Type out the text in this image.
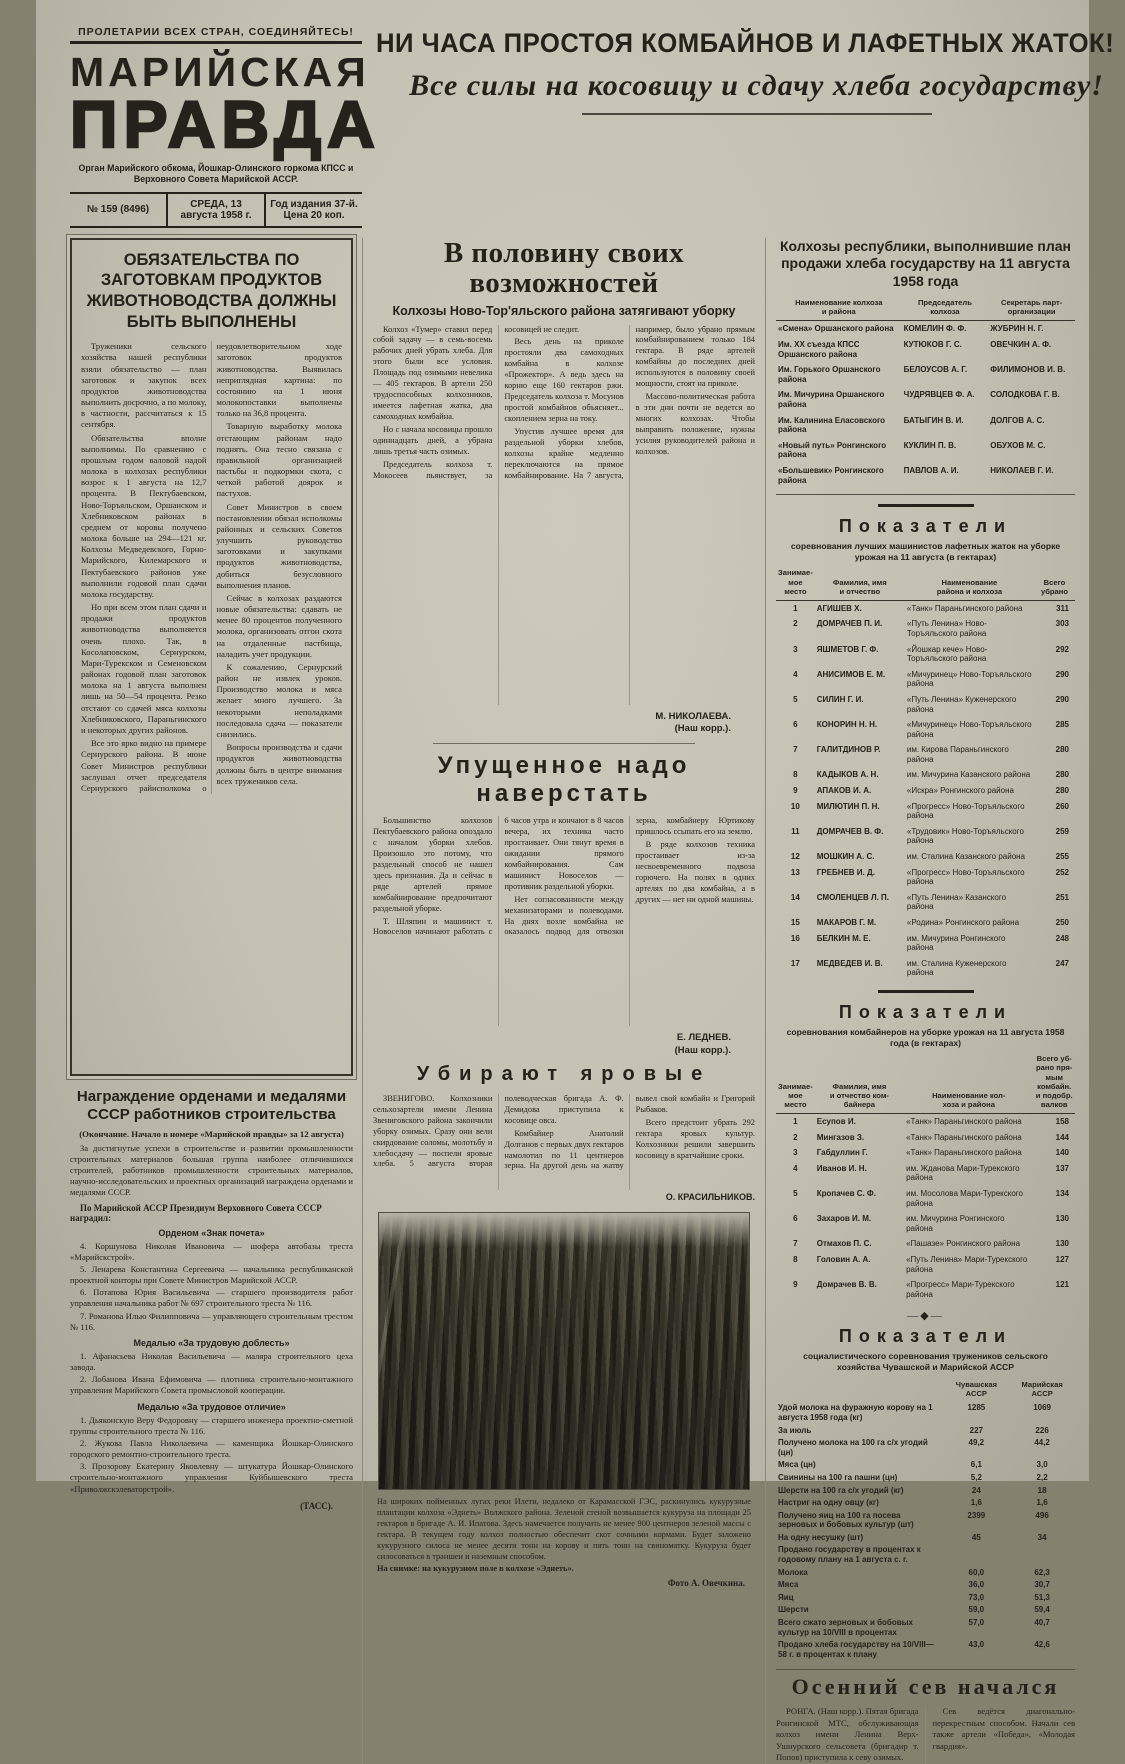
ПРОЛЕТАРИИ ВСЕХ СТРАН, СОЕДИНЯЙТЕСЬ!
МАРИЙСКАЯ
ПРАВДА
Орган Марийского обкома, Йошкар-Олинского горкома КПСС и Верховного Совета Марийской АССР.
№ 159 (8496)	СРЕДА, 13 августа 1958 г.
Год издания 37-й.
Цена 20 коп.
НИ ЧАСА ПРОСТОЯ КОМБАЙНОВ И ЛАФЕТНЫХ ЖАТОК!
Все силы на косовицу и сдачу хлеба государству!
ОБЯЗАТЕЛЬСТВА ПО ЗАГОТОВКАМ ПРОДУКТОВ ЖИВОТНОВОДСТВА ДОЛЖНЫ БЫТЬ ВЫПОЛНЕНЫ

Труженики сельского хозяйства нашей республики взяли обязательство — план заготовок и закупок всех продуктов животноводства выполнить досрочно, а по молоку, в частности, рассчитаться к 15 сентября.

Обязательства вполне выполнимы. По сравнению с прошлым годом валовой надой молока в колхозах республики возрос к 1 августа на 12,7 процента. В Пектубаевском, Ново-Торъяльском, Оршанском и Хлебниковском районах в среднем от коровы получено молока больше на 294—121 кг. Колхозы Медведевского, Горно-Марийского, Килемарского и Пектубаевского районов уже выполнили годовой план сдачи молока государству.

Но при всем этом план сдачи и продажи продуктов животноводства выполняется очень плохо. Так, в Косолаповском, Сернурском, Мари-Турекском и Семеновском районах годовой план заготовок молока на 1 августа выполнен лишь на 50—54 процента. Резко отстают со сдачей мяса колхозы Хлебниковского, Параньгинского и некоторых других районов.

Все это ярко видно на примере Сернурского района. В июне Совет Министров республики заслушал отчет председателя Сернурского райисполкома о неудовлетворительном ходе заготовок продуктов животноводства. Выявилась неприглядная картина: по состоянию на 1 июня молокопоставки выполнены только на 36,8 процента.

Товарную выработку молока отстающим районам надо поднять. Она тесно связана с правильной организацией пастьбы и подкормки скота, с четкой работой доярок и пастухов.

Совет Министров в своем постановлении обязал исполкомы районных и сельских Советов улучшить руководство заготовками и закупками продуктов животноводства, добиться безусловного выполнения планов.

Сейчас в колхозах раздаются новые обязательства: сдавать не менее 80 процентов полученного молока, организовать отгон скота на отдаленные пастбища, наладить учет продукции.

К сожалению, Сернурский район не извлек уроков. Производство молока и мяса желает много лучшего. За некоторыми неполадками последовала сдача — показатели снизились.

Вопросы производства и сдачи продуктов животноводства должны быть в центре внимания всех тружеников села.

Награждение орденами и медалями СССР работников строительства
(Окончание. Начало в номере «Марийской правды» за 12 августа)

За достигнутые успехи в строительстве и развитии промышленности строительных материалов большая группа наиболее отличившихся строителей, работников промышленности строительных материалов, научно-исследовательских и проектных организаций награждена орденами и медалями СССР.

По Марийской АССР Президиум Верховного Совета СССР наградил:

Орденом «Знак почета»

4. Коршунова Николая Ивановича — шофера автобазы треста «Марийскстрой».

5. Ленарева Константина Сергеевича — начальника республиканской проектной конторы при Совете Министров Марийской АССР.

6. Потапова Юрия Васильевича — старшего производителя работ управления начальника работ № 697 строительного треста № 116.

7. Романова Илью Филипповича — управляющего строительным трестом № 116.

Медалью «За трудовую доблесть»

1. Афанасьева Николая Васильевича — маляра строительного цеха завода.

2. Лобанова Ивана Ефимовича — плотника строительно-монтажного управления Марийского Совета промысловой кооперации.

Медалью «За трудовое отличие»

1. Дьяконскую Веру Федоровну — старшего инженера проектно-сметной группы строительного треста № 116.

2. Жукова Павла Николаевича — каменщика Йошкар-Олинского городского ремонтно-строительного треста.

3. Прозорову Екатерину Яковлевну — штукатура Йошкар-Олинского строительно-монтажного управления Куйбышевского треста «Приволжскэлеваторстрой».

(ТАСС).
В половину своих возможностей
Колхозы Ново-Тор'яльского района затягивают уборку

Колхоз «Тумер» ставил перед собой задачу — в семь-восемь рабочих дней убрать хлеба. Для этого были все условия. Площадь под озимыми невелика — 405 гектаров. В артели 250 трудоспособных колхозников, имеется лафетная жатка, два самоходных комбайна.

Но с начала косовицы прошло одиннадцать дней, а убрана лишь третья часть озимых.

Председатель колхоза т. Мокосеев пьянствует, за косовицей не следит.

Весь день на приколе простояли два самоходных комбайна в колхозе «Прожектор». А ведь здесь на корню еще 160 гектаров ржи. Председатель колхоза т. Мосунов простой комбайнов объясняет... скоплением зерна на току.

Упустив лучшее время для раздельной уборки хлебов, колхозы крайне медленно переключаются на прямое комбайнирование. На 7 августа, например, было убрано прямым комбайнированием только 184 гектара. В ряде артелей комбайны до последних дней используются в половину своей мощности, стоят на приколе.

Массово-политическая работа в эти дни почти не ведется во многих колхозах. Чтобы выправить положение, нужны усилия руководителей района и колхозов.

М. НИКОЛАЕВА.
(Наш корр.).
Упущенное надо наверстать

Большинство колхозов Пектубаевского района опоздало с началом уборки хлебов. Произошло это потому, что раздельный способ не нашел здесь признания. Да и сейчас в ряде артелей прямое комбайнирование предпочитают раздельной уборке.

Т. Шляпин и машинист т. Новоселов начинают работать с 6 часов утра и кончают в 8 часов вечера, их техника часто простаивает. Они тянут время в ожидании прямого комбайнирования. Сам машинист Новоселов — противник раздельной уборки.

Нет согласованности между механизаторами и полеводами. На днях возле комбайна не оказалось подвод для отвозки зерна, комбайнеру Юртикову пришлось ссыпать его на землю.

В ряде колхозов техника простаивает из-за несвоевременного подвоза горючего. На полях в одних артелях по два комбайна, а в других — нет ни одной машины.

Е. ЛЕДНЕВ.
(Наш корр.).
Убирают яровые

ЗВЕНИГОВО. Колхозники сельхозартели имени Ленина Звениговского района закончили уборку озимых. Сразу они вели скирдование соломы, молотьбу и хлебосдачу — поспели яровые хлеба. 5 августа вторая полеводческая бригада А. Ф. Демидова приступила к косовице овса.

Комбайнер Анатолий Долганов с первых двух гектаров намолотил по 11 центнеров зерна. На другой день на жатву вывел свой комбайн и Григорий Рыбаков.

Всего предстоит убрать 292 гектара яровых культур. Колхозники решили завершить косовицу в кратчайшие сроки.

О. КРАСИЛЬНИКОВ.

На широких пойменных лугах реки Илети, недалеко от Карамасской ГЭС, раскинулись кукурузные плантации колхоза «Эднеть» Волжского района. Зеленой стеной возвышается кукуруза на площади 25 гектаров в бригаде А. И. Ипатова. Здесь намечается получить не менее 900 центнеров зеленой массы с гектара. В текущем году колхоз полностью обеспечит скот сочными кормами. Будет заложено кукурузного силоса не менее десяти тонн на корову и пять тонн на свиноматку. Кукуруза будет силосоваться в траншеи и наземным способом.

На снимке: на кукурузном поле в колхозе «Эднеть».

Фото А. Овечкина.
Колхозы республики, выполнившие план продажи хлеба государству на 11 августа 1958 года
Наименование колхоза
и района	Председатель
колхоза	Секретарь парт-
организации
«Смена» Оршанского района	КОМЕЛИН Ф. Ф.	ЖУБРИН Н. Г.
Им. XX съезда КПСС Оршанского района	КУТЮКОВ Г. С.	ОВЕЧКИН А. Ф.
Им. Горького Оршанского района	БЕЛОУСОВ А. Г.	ФИЛИМОНОВ И. В.
Им. Мичурина Оршанского района	ЧУДРЯВЦЕВ Ф. А.	СОЛОДКОВА Г. В.
Им. Калинина Еласовского района	БАТЫГИН В. И.	ДОЛГОВ А. С.
«Новый путь» Ронгинского района	КУКЛИН П. В.	ОБУХОВ М. С.
«Большевик» Ронгинского района	ПАВЛОВ А. И.	НИКОЛАЕВ Г. И.
Показатели
соревнования лучших машинистов лафетных жаток на уборке урожая на 11 августа (в гектарах)
Занимае-
мое место	Фамилия, имя
и отчество	Наименование
района и колхоза	Всего
убрано
1	АГИШЕВ Х.	«Танк» Параньгинского района	311
2	ДОМРАЧЕВ П. И.	«Путь Ленина» Ново-Торъяльского района	303
3	ЯШМЕТОВ Г. Ф.	«Йошкар кече» Ново-Торъяльского района	292
4	АНИСИМОВ Е. М.	«Мичуринец» Ново-Торъяльского района	290
5	СИЛИН Г. И.	«Путь Ленина» Куженерского района	290
6	КОНОРИН Н. Н.	«Мичуринец» Ново-Торъяльского района	285
7	ГАЛИТДИНОВ Р.	им. Кирова Параньгинского района	280
8	КАДЫКОВ А. Н.	им. Мичурина Казанского района	280
9	АПАКОВ И. А.	«Искра» Ронгинского района	280
10	МИЛЮТИН П. Н.	«Прогресс» Ново-Торъяльского района	260
11	ДОМРАЧЕВ В. Ф.	«Трудовик» Ново-Торъяльского района	259
12	МОШКИН А. С.	им. Сталина Казанского района	255
13	ГРЕБНЕВ И. Д.	«Прогресс» Ново-Торъяльского района	252
14	СМОЛЕНЦЕВ Л. П.	«Путь Ленина» Казанского района	251
15	МАКАРОВ Г. М.	«Родина» Ронгинского района	250
16	БЕЛКИН М. Е.	им. Мичурина Ронгинского района	248
17	МЕДВЕДЕВ И. В.	им. Сталина Куженерского района	247
Показатели
соревнования комбайнеров на уборке урожая на 11 августа 1958 года (в гектарах)
Занимае-
мое место	Фамилия, имя
и отчество ком-
байнера	Наименование кол-
хоза и района	Всего уб-
рано пря-
мым комбайн.
и подобр.
валков
1	Есупов И.	«Танк» Параньгинского района	158
2	Мингазов З.	«Танк» Параньгинского района	144
3	Габдуллин Г.	«Танк» Параньгинского района	140
4	Иванов И. Н.	им. Жданова Мари-Турекского района	137
5	Кропачев С. Ф.	им. Мосолова Мари-Турекского района	134
6	Захаров И. М.	им. Мичурина Ронгинского района	130
7	Отмахов П. С.	«Пашазе» Ронгинского района	130
8	Головин А. А.	«Путь Ленина» Мари-Турекского района	127
9	Домрачев В. В.	«Прогресс» Мари-Турекского района	121
—◆—
Показатели
социалистического соревнования тружеников сельского хозяйства Чувашской и Марийской АССР
	Чувашская
АССР	Марийская
АССР
Удой молока на фуражную корову на 1 августа 1958 года (кг)	1285	1069
За июль	227	226
Получено молока на 100 га с/х угодий (цн)	49,2	44,2
Мяса (цн)	6,1	3,0
Свинины на 100 га пашни (цн)	5,2	2,2
Шерсти на 100 га с/х угодий (кг)	24	18
Настриг на одну овцу (кг)	1,6	1,6
Получено яиц на 100 га посева зерновых и бобовых культур (шт)	2399	496
На одну несушку (шт)	45	34
Продано государству в процентах к годовому плану на 1 августа с. г.		
Молока	60,0	62,3
Мяса	36,0	30,7
Яиц	73,0	51,3
Шерсти	59,0	59,4
Всего сжато зерновых и бобовых культур на 10/VIII в процентах	57,0	40,7
Продано хлеба государству на 10/VIII—58 г. в процентах к плану	43,0	42,6
Осенний сев начался

РОНГА. (Наш корр.). Пятая бригада Ронгинской МТС, обслуживающая колхоз имени Ленина Верх-Ушнурского сельсовета (бригадир т. Попов) приступила к севу озимых.

Сев ведётся диагонально-перекрестным способом. Начали сев также артели «Победа», «Молодая гвардия».
